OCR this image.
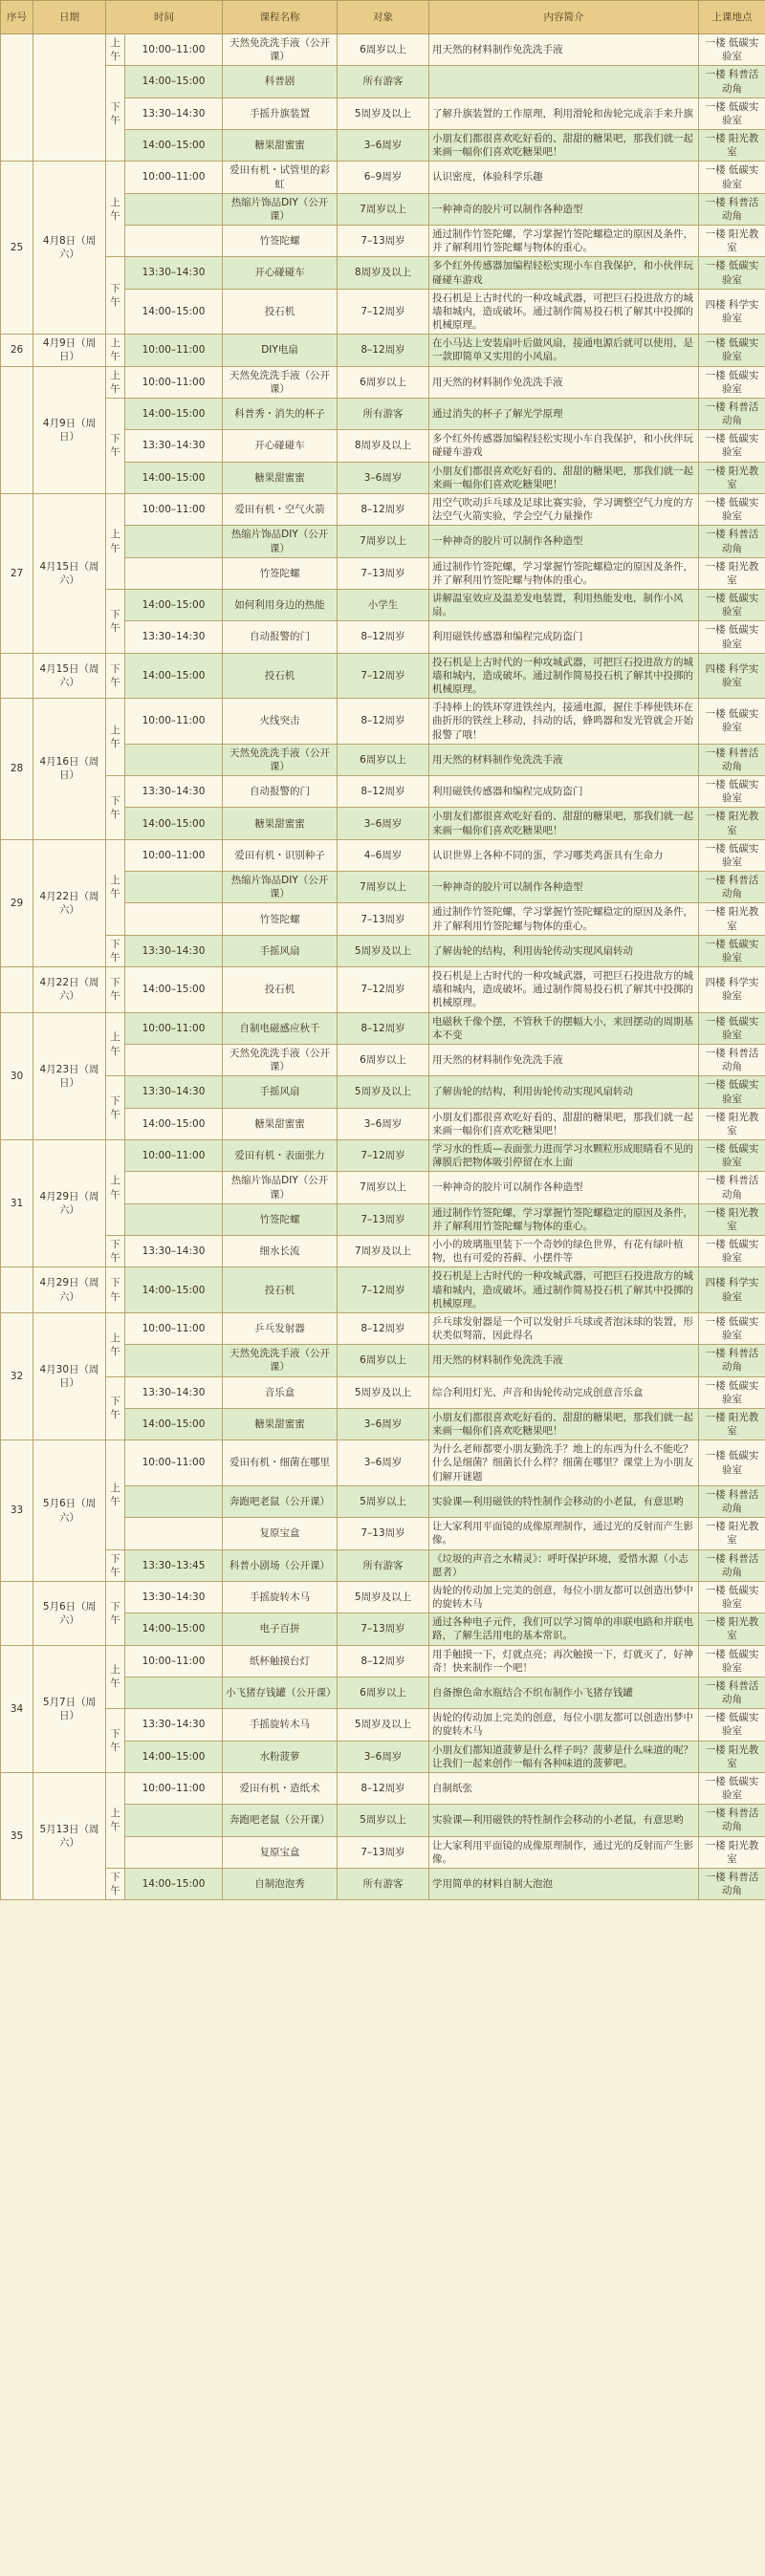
序号	日期	时间		课程名称	对象	内容简介	上课地点
		上午	10:00–11:00	天然免洗洗手液（公开课）	6周岁以上	用天然的材料制作免洗洗手液	一楼 低碳实验室
		下午	14:00–15:00	科普剧	所有游客		一楼 科普活动角
			13:30–14:30	手摇升旗装置	5周岁及以上	了解升旗装置的工作原理，利用滑轮和齿轮完成亲手来升旗	一楼 低碳实验室
			14:00–15:00	糖果甜蜜蜜	3–6周岁	小朋友们都很喜欢吃好看的、甜甜的糖果吧，那我们就一起来画一幅你们喜欢吃糖果吧！	一楼 阳光教室
25	4月8日（周六）	上午	10:00–11:00	爱田有机・试管里的彩虹	6–9周岁	认识密度，体验科学乐趣	一楼 低碳实验室
				热缩片饰品DIY（公开课）	7周岁以上	一种神奇的胶片可以制作各种造型	一楼 科普活动角
				竹签陀螺	7–13周岁	通过制作竹签陀螺，学习掌握竹签陀螺稳定的原因及条件，并了解利用竹签陀螺与物体的重心。	一楼 阳光教室
		下午	13:30–14:30	开心碰碰车	8周岁及以上	多个红外传感器加编程轻松实现小车自我保护，和小伙伴玩碰碰车游戏	一楼 低碳实验室
			14:00–15:00	投石机	7–12周岁	投石机是上古时代的一种攻城武器，可把巨石投进敌方的城墙和城内，造成破坏。通过制作简易投石机了解其中投掷的机械原理。	四楼 科学实验室
26	4月9日（周日）	上午	10:00–11:00	DIY电扇	8–12周岁	在小马达上安装扇叶后做风扇，接通电源后就可以使用，是一款即简单又实用的小风扇。	一楼 低碳实验室
	4月9日（周日）	上午	10:00–11:00	天然免洗洗手液（公开课）	6周岁以上	用天然的材料制作免洗洗手液	一楼 低碳实验室
		下午	14:00–15:00	科普秀・消失的杯子	所有游客	通过消失的杯子了解光学原理	一楼 科普活动角
			13:30–14:30	开心碰碰车	8周岁及以上	多个红外传感器加编程轻松实现小车自我保护，和小伙伴玩碰碰车游戏	一楼 低碳实验室
			14:00–15:00	糖果甜蜜蜜	3–6周岁	小朋友们都很喜欢吃好看的、甜甜的糖果吧，那我们就一起来画一幅你们喜欢吃糖果吧！	一楼 阳光教室
27	4月15日（周六）	上午	10:00–11:00	爱田有机・空气火箭	8–12周岁	用空气吹动乒乓球及足球比赛实验，学习调整空气力度的方法空气火箭实验，学会空气力量操作	一楼 低碳实验室
				热缩片饰品DIY（公开课）	7周岁以上	一种神奇的胶片可以制作各种造型	一楼 科普活动角
				竹签陀螺	7–13周岁	通过制作竹签陀螺，学习掌握竹签陀螺稳定的原因及条件，并了解利用竹签陀螺与物体的重心。	一楼 阳光教室
		下午	14:00–15:00	如何利用身边的热能	小学生	讲解温室效应及温差发电装置，利用热能发电，制作小风扇。	一楼 低碳实验室
			13:30–14:30	自动报警的门	8–12周岁	利用磁铁传感器和编程完成防盗门	一楼 低碳实验室
	4月15日（周六）	下午	14:00–15:00	投石机	7–12周岁	投石机是上古时代的一种攻城武器，可把巨石投进敌方的城墙和城内，造成破坏。通过制作简易投石机了解其中投掷的机械原理。	四楼 科学实验室
28	4月16日（周日）	上午	10:00–11:00	火线突击	8–12周岁	手持棒上的铁环穿进铁丝内，接通电源，握住手棒使铁环在曲折形的铁丝上移动，抖动的话，蜂鸣器和发光管就会开始报警了哦！	一楼 低碳实验室
				天然免洗洗手液（公开课）	6周岁以上	用天然的材料制作免洗洗手液	一楼 科普活动角
		下午	13:30–14:30	自动报警的门	8–12周岁	利用磁铁传感器和编程完成防盗门	一楼 低碳实验室
			14:00–15:00	糖果甜蜜蜜	3–6周岁	小朋友们都很喜欢吃好看的、甜甜的糖果吧，那我们就一起来画一幅你们喜欢吃糖果吧！	一楼 阳光教室
29	4月22日（周六）	上午	10:00–11:00	爱田有机・识别种子	4–6周岁	认识世界上各种不同的蛋，学习哪类鸡蛋具有生命力	一楼 低碳实验室
				热缩片饰品DIY（公开课）	7周岁以上	一种神奇的胶片可以制作各种造型	一楼 科普活动角
				竹签陀螺	7–13周岁	通过制作竹签陀螺，学习掌握竹签陀螺稳定的原因及条件，并了解利用竹签陀螺与物体的重心。	一楼 阳光教室
		下午	13:30–14:30	手摇风扇	5周岁及以上	了解齿轮的结构，利用齿轮传动实现风扇转动	一楼 低碳实验室
	4月22日（周六）	下午	14:00–15:00	投石机	7–12周岁	投石机是上古时代的一种攻城武器，可把巨石投进敌方的城墙和城内，造成破坏。通过制作简易投石机了解其中投掷的机械原理。	四楼 科学实验室
30	4月23日（周日）	上午	10:00–11:00	自制电磁感应秋千	8–12周岁	电磁秋千像个摆，不管秋千的摆幅大小，来回摆动的周期基本不变	一楼 低碳实验室
				天然免洗洗手液（公开课）	6周岁以上	用天然的材料制作免洗洗手液	一楼 科普活动角
		下午	13:30–14:30	手摇风扇	5周岁及以上	了解齿轮的结构，利用齿轮传动实现风扇转动	一楼 低碳实验室
			14:00–15:00	糖果甜蜜蜜	3–6周岁	小朋友们都很喜欢吃好看的、甜甜的糖果吧，那我们就一起来画一幅你们喜欢吃糖果吧！	一楼 阳光教室
31	4月29日（周六）	上午	10:00–11:00	爱田有机・表面张力	7–12周岁	学习水的性质—表面张力进而学习水颗粒形成眼睛看不见的薄膜后把物体吸引停留在水上面	一楼 低碳实验室
				热缩片饰品DIY（公开课）	7周岁以上	一种神奇的胶片可以制作各种造型	一楼 科普活动角
				竹签陀螺	7–13周岁	通过制作竹签陀螺，学习掌握竹签陀螺稳定的原因及条件，并了解利用竹签陀螺与物体的重心。	一楼 阳光教室
		下午	13:30–14:30	细水长流	7周岁及以上	小小的玻璃瓶里装下一个奇妙的绿色世界，有花有绿叶植物，也有可爱的苔藓、小摆件等	一楼 低碳实验室
	4月29日（周六）	下午	14:00–15:00	投石机	7–12周岁	投石机是上古时代的一种攻城武器，可把巨石投进敌方的城墙和城内，造成破坏。通过制作简易投石机了解其中投掷的机械原理。	四楼 科学实验室
32	4月30日（周日）	上午	10:00–11:00	乒乓发射器	8–12周岁	乒乓球发射器是一个可以发射乒乓球或者泡沫球的装置，形状类似弩箭，因此得名	一楼 低碳实验室
				天然免洗洗手液（公开课）	6周岁以上	用天然的材料制作免洗洗手液	一楼 科普活动角
		下午	13:30–14:30	音乐盒	5周岁及以上	综合利用灯光、声音和齿轮传动完成创意音乐盒	一楼 低碳实验室
			14:00–15:00	糖果甜蜜蜜	3–6周岁	小朋友们都很喜欢吃好看的、甜甜的糖果吧，那我们就一起来画一幅你们喜欢吃糖果吧！	一楼 阳光教室
33	5月6日（周六）	上午	10:00–11:00	爱田有机・细菌在哪里	3–6周岁	为什么老师都要小朋友勤洗手？地上的东西为什么不能吃？什么是细菌？细菌长什么样？细菌在哪里？课堂上为小朋友们解开谜题	一楼 低碳实验室
				奔跑吧老鼠（公开课）	5周岁以上	实验课—利用磁铁的特性制作会移动的小老鼠，有意思哟	一楼 科普活动角
				复原宝盒	7–13周岁	让大家利用平面镜的成像原理制作，通过光的反射而产生影像。	一楼 阳光教室
		下午	13:30–13:45	科普小剧场（公开课）	所有游客	《垃圾的声音之水精灵》：呼吁保护环境，爱惜水源（小志愿者）	一楼 科普活动角
	5月6日（周六）	下午	13:30–14:30	手摇旋转木马	5周岁及以上	齿轮的传动加上完美的创意，每位小朋友都可以创造出梦中的旋转木马	一楼 低碳实验室
			14:00–15:00	电子百拼	7–13周岁	通过各种电子元件，我们可以学习简单的串联电路和并联电路，了解生活用电的基本常识。	一楼 阳光教室
34	5月7日（周日）	上午	10:00–11:00	纸杯触摸台灯	8–12周岁	用手触摸一下，灯就点亮；再次触摸一下，灯就灭了，好神奇！快来制作一个吧！	一楼 低碳实验室
				小飞猪存钱罐（公开课）	6周岁以上	自备擦色命水瓶结合不织布制作小飞猪存钱罐	一楼 科普活动角
		下午	13:30–14:30	手摇旋转木马	5周岁及以上	齿轮的传动加上完美的创意，每位小朋友都可以创造出梦中的旋转木马	一楼 低碳实验室
			14:00–15:00	水粉菠萝	3–6周岁	小朋友们都知道菠萝是什么样子吗？菠萝是什么味道的呢？让我们一起来创作一幅有各种味道的菠萝吧。	一楼 阳光教室
35	5月13日（周六）	上午	10:00–11:00	爱田有机・造纸术	8–12周岁	自制纸张	一楼 低碳实验室
				奔跑吧老鼠（公开课）	5周岁以上	实验课—利用磁铁的特性制作会移动的小老鼠，有意思哟	一楼 科普活动角
				复原宝盒	7–13周岁	让大家利用平面镜的成像原理制作，通过光的反射而产生影像。	一楼 阳光教室
		下午	14:00–15:00	自制泡泡秀	所有游客	学用简单的材料自制大泡泡	一楼 科普活动角
